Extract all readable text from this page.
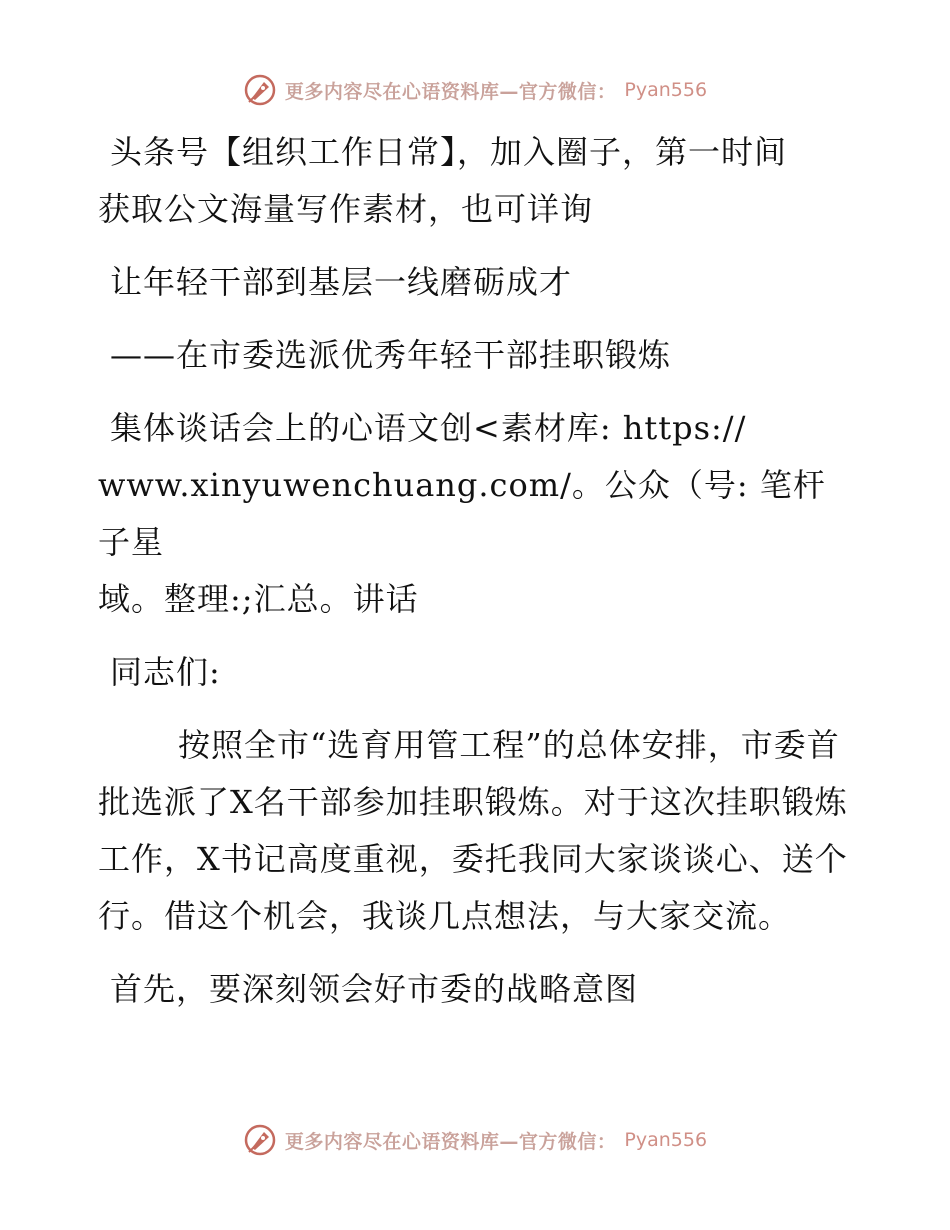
更多内容尽在心语资料库—官方微信： Pyan556

头条号【组织工作日常】，加入圈子，第一时间

获取公文海量写作素材，也可详询

让年轻干部到基层一线磨砺成才

——在市委选派优秀年轻干部挂职锻炼

集体谈话会上的心语文创<素材库: https://

www.xinyuwenchuang.com/。公众（号: 笔杆子星

域。整理:;汇总。讲话

同志们:

按照全市“选育用管工程”的总体安排，市委首批选派了X名干部参加挂职锻炼。对于这次挂职锻炼工作，X书记高度重视，委托我同大家谈谈心、送个行。借这个机会，我谈几点想法，与大家交流。

首先，要深刻领会好市委的战略意图

更多内容尽在心语资料库—官方微信： Pyan556
